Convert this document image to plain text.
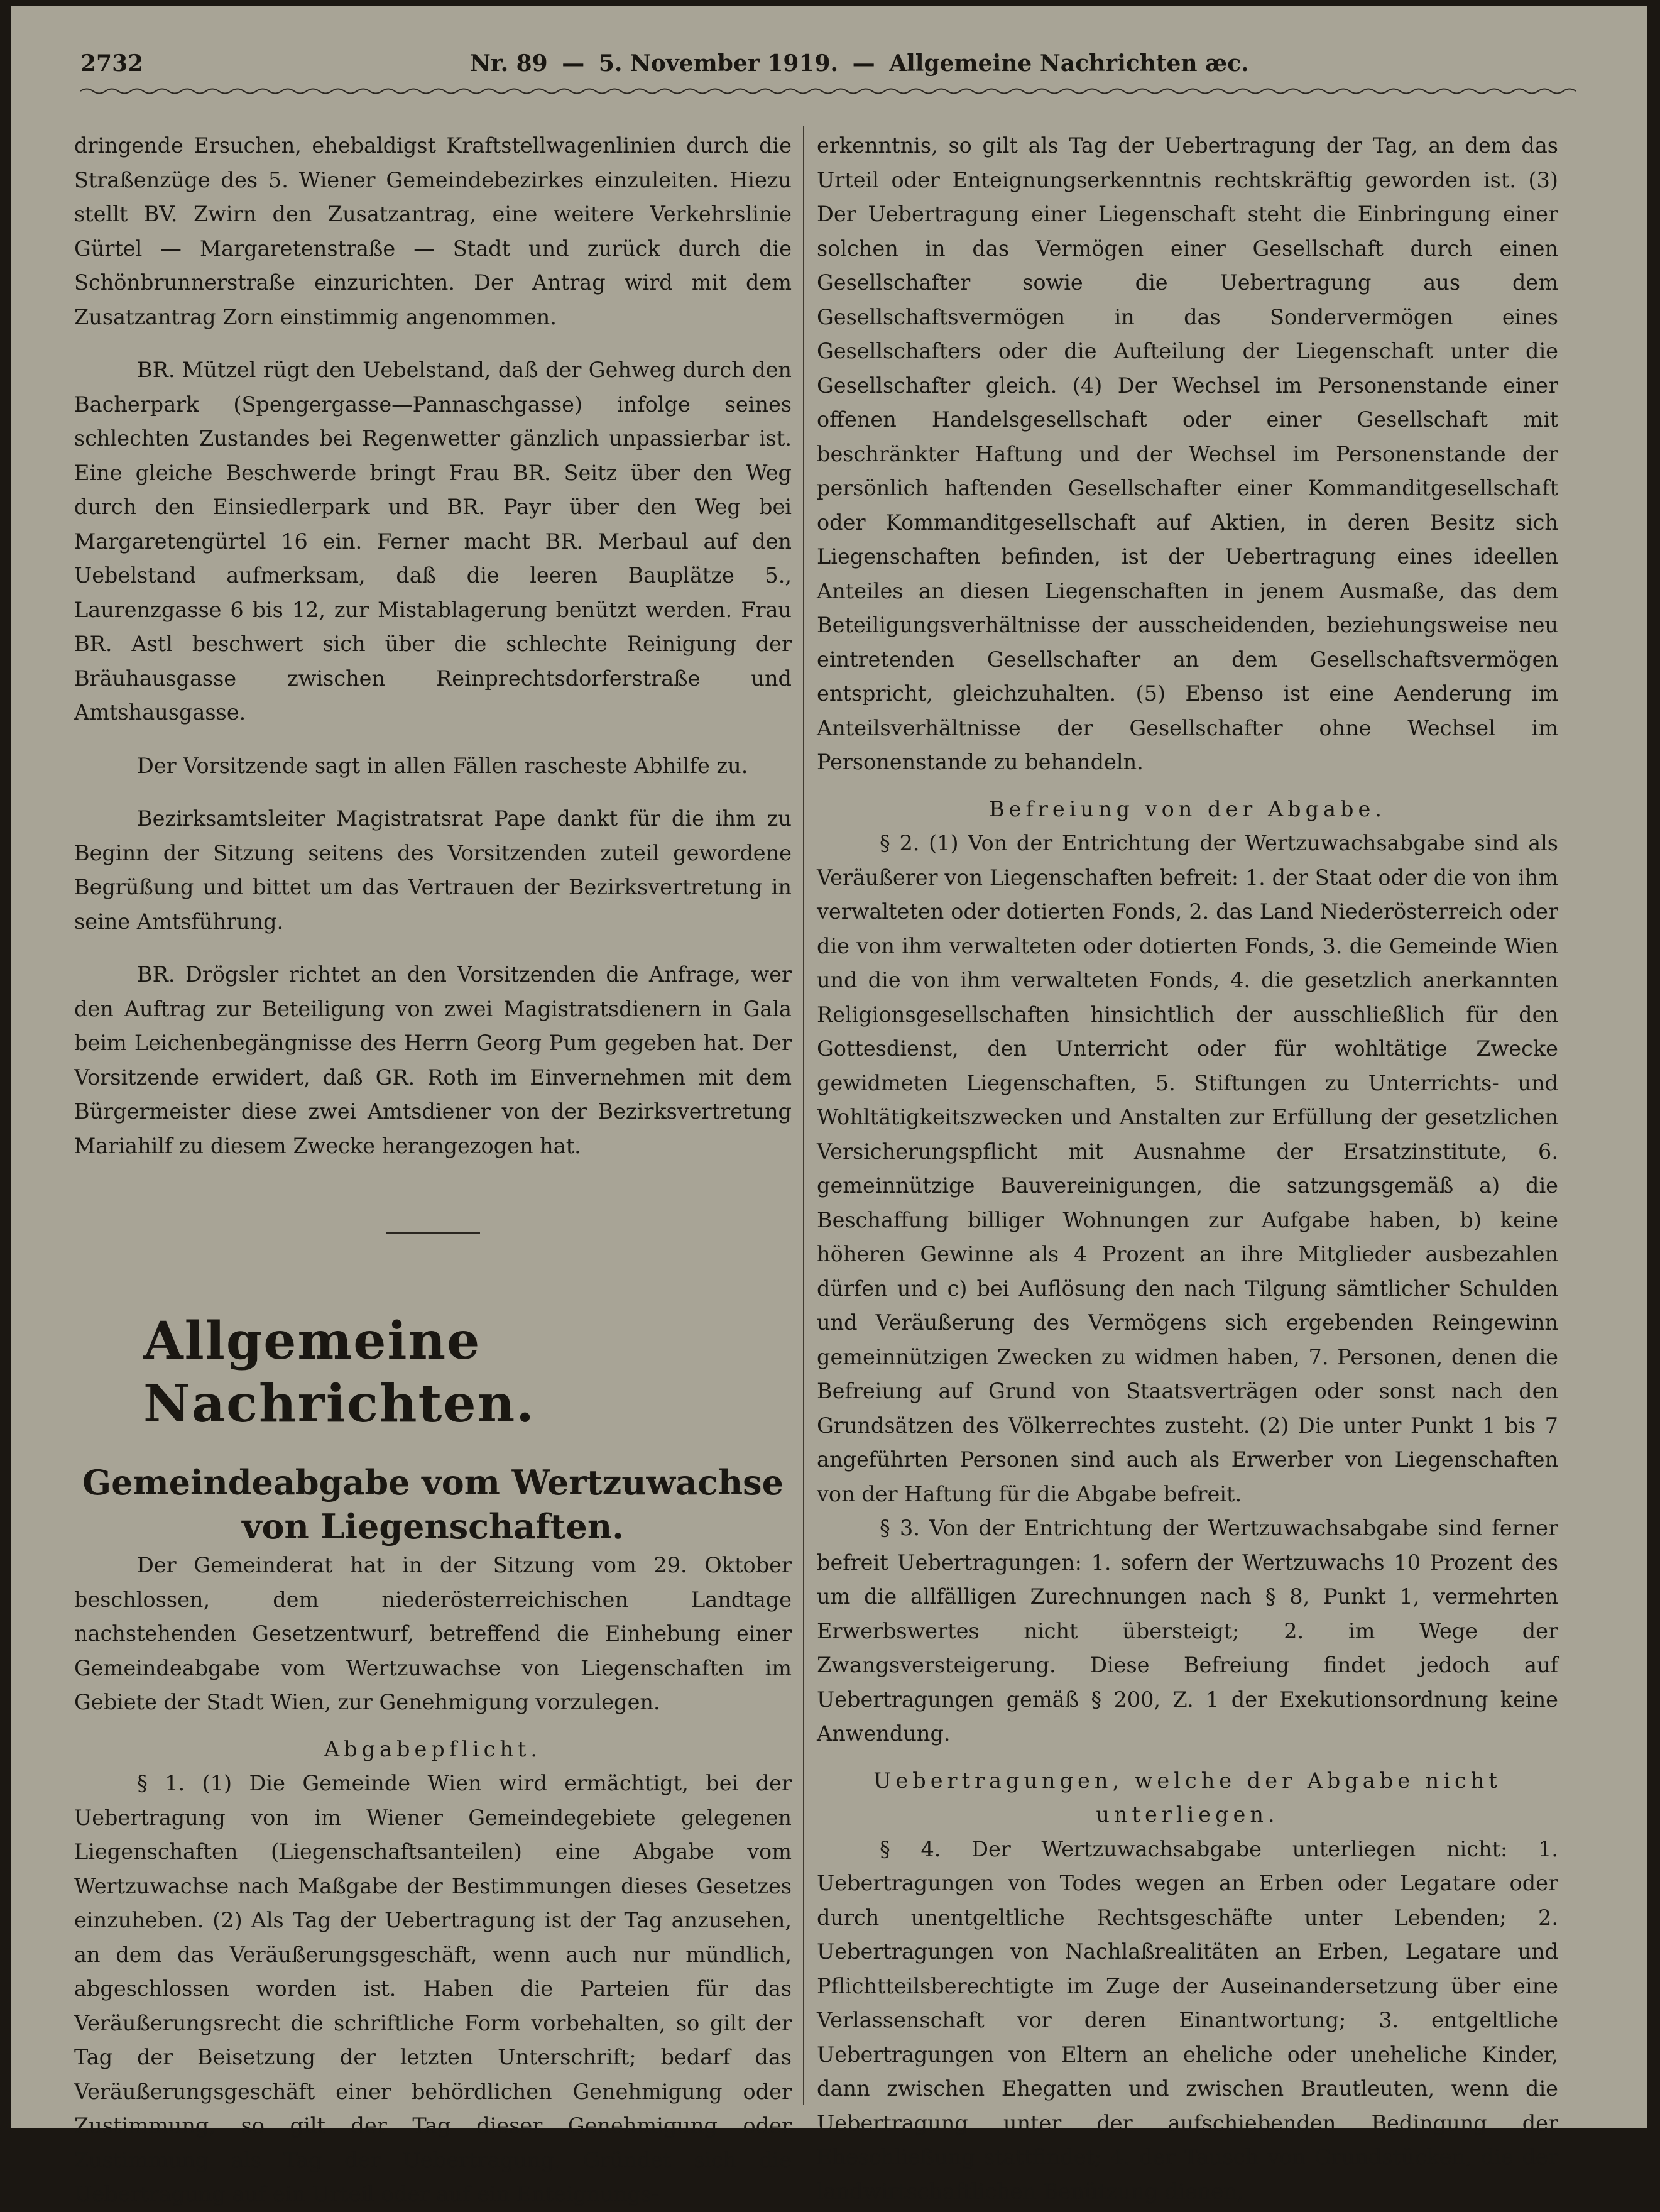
2732	Nr. 89 — 5. November 1919. — Allgemeine Nachrichten æc.

dringende Ersuchen, ehebaldigst Kraftstellwagenlinien durch die Straßenzüge des 5. Wiener Gemeindebezirkes einzuleiten. Hiezu stellt BV. Zwirn den Zusatzantrag, eine weitere Verkehrslinie Gürtel — Margaretenstraße — Stadt und zurück durch die Schönbrunnerstraße einzurichten. Der Antrag wird mit dem Zusatzantrag Zorn einstimmig angenommen.

BR. Mützel rügt den Uebelstand, daß der Gehweg durch den Bacherpark (Spengergasse—Pannaschgasse) infolge seines schlechten Zustandes bei Regenwetter gänzlich unpassierbar ist. Eine gleiche Beschwerde bringt Frau BR. Seitz über den Weg durch den Einsiedlerpark und BR. Payr über den Weg bei Margaretengürtel 16 ein. Ferner macht BR. Merbaul auf den Uebelstand aufmerksam, daß die leeren Bauplätze 5., Laurenzgasse 6 bis 12, zur Mistablagerung benützt werden. Frau BR. Astl beschwert sich über die schlechte Reinigung der Bräuhausgasse zwischen Reinprechtsdorferstraße und Amtshausgasse.

Der Vorsitzende sagt in allen Fällen rascheste Abhilfe zu.

Bezirksamtsleiter Magistratsrat Pape dankt für die ihm zu Beginn der Sitzung seitens des Vorsitzenden zuteil gewordene Begrüßung und bittet um das Vertrauen der Bezirksvertretung in seine Amtsführung.

BR. Drögsler richtet an den Vorsitzenden die Anfrage, wer den Auftrag zur Beteiligung von zwei Magistratsdienern in Gala beim Leichenbegängnisse des Herrn Georg Pum gegeben hat. Der Vorsitzende erwidert, daß GR. Roth im Einvernehmen mit dem Bürgermeister diese zwei Amtsdiener von der Bezirksvertretung Mariahilf zu diesem Zwecke herangezogen hat.

Allgemeine Nachrichten.
Gemeindeabgabe vom Wertzuwachse von Liegenschaften.

Der Gemeinderat hat in der Sitzung vom 29. Oktober beschlossen, dem niederösterreichischen Landtage nachstehenden Gesetzentwurf, betreffend die Einhebung einer Gemeindeabgabe vom Wertzuwachse von Liegenschaften im Gebiete der Stadt Wien, zur Genehmigung vorzulegen.

Abgabepflicht.

§ 1. (1) Die Gemeinde Wien wird ermächtigt, bei der Uebertragung von im Wiener Gemeindegebiete gelegenen Liegenschaften (Liegenschaftsanteilen) eine Abgabe vom Wertzuwachse nach Maßgabe der Bestimmungen dieses Gesetzes einzuheben. (2) Als Tag der Uebertragung ist der Tag anzusehen, an dem das Veräußerungsgeschäft, wenn auch nur mündlich, abgeschlossen worden ist. Haben die Parteien für das Veräußerungsrecht die schriftliche Form vorbehalten, so gilt der Tag der Beisetzung der letzten Unterschrift; bedarf das Veräußerungsgeschäft einer behördlichen Genehmigung oder Zustimmung, so gilt der Tag dieser Genehmigung oder Zustimmung als Tag der Uebertragung. Gründet sich die Uebertragung auf ein Urteil oder auf ein Enteignungs-

erkenntnis, so gilt als Tag der Uebertragung der Tag, an dem das Urteil oder Enteignungserkenntnis rechtskräftig geworden ist. (3) Der Uebertragung einer Liegenschaft steht die Einbringung einer solchen in das Vermögen einer Gesellschaft durch einen Gesellschafter sowie die Uebertragung aus dem Gesellschaftsvermögen in das Sondervermögen eines Gesellschafters oder die Aufteilung der Liegenschaft unter die Gesellschafter gleich. (4) Der Wechsel im Personenstande einer offenen Handelsgesellschaft oder einer Gesellschaft mit beschränkter Haftung und der Wechsel im Personenstande der persönlich haftenden Gesellschafter einer Kommanditgesellschaft oder Kommanditgesellschaft auf Aktien, in deren Besitz sich Liegenschaften befinden, ist der Uebertragung eines ideellen Anteiles an diesen Liegenschaften in jenem Ausmaße, das dem Beteiligungsverhältnisse der ausscheidenden, beziehungsweise neu eintretenden Gesellschafter an dem Gesellschaftsvermögen entspricht, gleichzuhalten. (5) Ebenso ist eine Aenderung im Anteilsverhältnisse der Gesellschafter ohne Wechsel im Personenstande zu behandeln.

Befreiung von der Abgabe.

§ 2. (1) Von der Entrichtung der Wertzuwachsabgabe sind als Veräußerer von Liegenschaften befreit: 1. der Staat oder die von ihm verwalteten oder dotierten Fonds, 2. das Land Niederösterreich oder die von ihm verwalteten oder dotierten Fonds, 3. die Gemeinde Wien und die von ihm verwalteten Fonds, 4. die gesetzlich anerkannten Religionsgesellschaften hinsichtlich der ausschließlich für den Gottesdienst, den Unterricht oder für wohltätige Zwecke gewidmeten Liegenschaften, 5. Stiftungen zu Unterrichts- und Wohltätigkeitszwecken und Anstalten zur Erfüllung der gesetzlichen Versicherungspflicht mit Ausnahme der Ersatzinstitute, 6. gemeinnützige Bauvereinigungen, die satzungsgemäß a) die Beschaffung billiger Wohnungen zur Aufgabe haben, b) keine höheren Gewinne als 4 Prozent an ihre Mitglieder ausbezahlen dürfen und c) bei Auflösung den nach Tilgung sämtlicher Schulden und Veräußerung des Vermögens sich ergebenden Reingewinn gemeinnützigen Zwecken zu widmen haben, 7. Personen, denen die Befreiung auf Grund von Staatsverträgen oder sonst nach den Grundsätzen des Völkerrechtes zusteht. (2) Die unter Punkt 1 bis 7 angeführten Personen sind auch als Erwerber von Liegenschaften von der Haftung für die Abgabe befreit.

§ 3. Von der Entrichtung der Wertzuwachsabgabe sind ferner befreit Uebertragungen: 1. sofern der Wertzuwachs 10 Prozent des um die allfälligen Zurechnungen nach § 8, Punkt 1, vermehrten Erwerbswertes nicht übersteigt; 2. im Wege der Zwangsversteigerung. Diese Befreiung findet jedoch auf Uebertragungen gemäß § 200, Z. 1 der Exekutionsordnung keine Anwendung.

Uebertragungen, welche der Abgabe nicht unterliegen.

§ 4. Der Wertzuwachsabgabe unterliegen nicht: 1. Uebertragungen von Todes wegen an Erben oder Legatare oder durch unentgeltliche Rechtsgeschäfte unter Lebenden; 2. Uebertragungen von Nachlaßrealitäten an Erben, Legatare und Pflichtteilsberechtigte im Zuge der Auseinandersetzung über eine Verlassenschaft vor deren Einantwortung; 3. entgeltliche Uebertragungen von Eltern an eheliche oder uneheliche Kinder, dann zwischen Ehegatten und zwischen Brautleuten, wenn die Uebertragung unter der aufschiebenden Bedingung der Eheschließung stattfindet; 4. der Tausch von Grundstücken, die der landwirtschaftlichen Benützung dienen,
